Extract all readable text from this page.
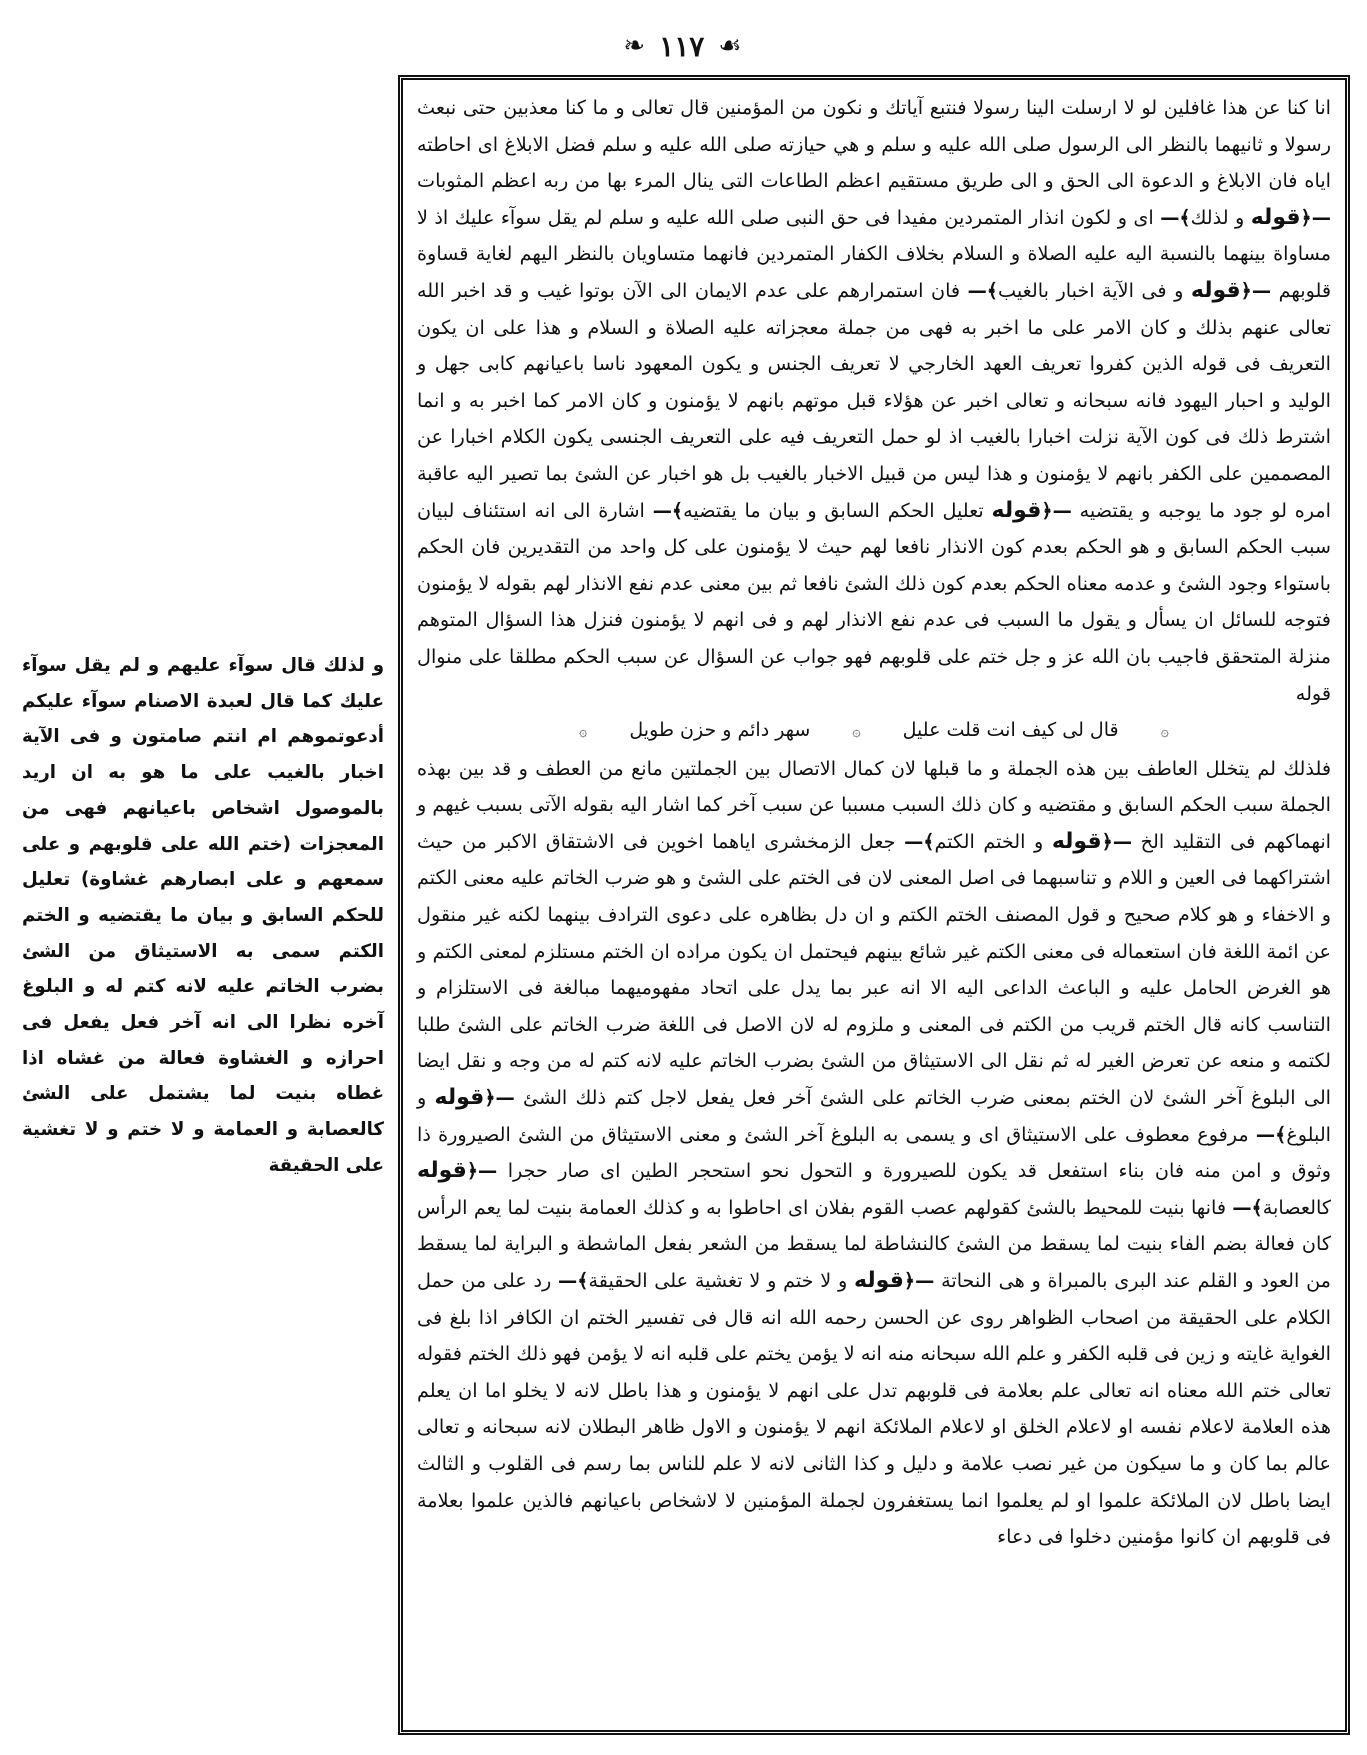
❧ ١١٧ ☙

انا كنا عن هذا غافلين لو لا ارسلت الينا رسولا فنتبع آياتك و نكون من المؤمنين قال تعالى و ما كنا معذبين حتى نبعث رسولا و ثانيهما بالنظر الى الرسول صلى الله عليه و سلم و هي حيازته صلى الله عليه و سلم فضل الابلاغ اى احاطته اياه فان الابلاغ و الدعوة الى الحق و الى طريق مستقيم اعظم الطاعات التى ينال المرء بها من ربه اعظم المثوبات —﴿قوله و لذلك﴾— اى و لكون انذار المتمردين مفيدا فى حق النبى صلى الله عليه و سلم لم يقل سوآء عليك اذ لا مساواة بينهما بالنسبة اليه عليه الصلاة و السلام بخلاف الكفار المتمردين فانهما متساويان بالنظر اليهم لغاية قساوة قلوبهم —﴿قوله و فى الآية اخبار بالغيب﴾— فان استمرارهم على عدم الايمان الى الآن بوتوا غيب و قد اخبر الله تعالى عنهم بذلك و كان الامر على ما اخبر به فهى من جملة معجزاته عليه الصلاة و السلام و هذا على ان يكون التعريف فى قوله الذين كفروا تعريف العهد الخارجي لا تعريف الجنس و يكون المعهود ناسا باعيانهم كابى جهل و الوليد و احبار اليهود فانه سبحانه و تعالى اخبر عن هؤلاء قبل موتهم بانهم لا يؤمنون و كان الامر كما اخبر به و انما اشترط ذلك فى كون الآية نزلت اخبارا بالغيب اذ لو حمل التعريف فيه على التعريف الجنسى يكون الكلام اخبارا عن المصممين على الكفر بانهم لا يؤمنون و هذا ليس من قبيل الاخبار بالغيب بل هو اخبار عن الشئ بما تصير اليه عاقبة امره لو جود ما يوجبه و يقتضيه —﴿قوله تعليل الحكم السابق و بيان ما يقتضيه﴾— اشارة الى انه استئناف لبيان سبب الحكم السابق و هو الحكم بعدم كون الانذار نافعا لهم حيث لا يؤمنون على كل واحد من التقديرين فان الحكم باستواء وجود الشئ و عدمه معناه الحكم بعدم كون ذلك الشئ نافعا ثم بين معنى عدم نفع الانذار لهم بقوله لا يؤمنون فتوجه للسائل ان يسأل و يقول ما السبب فى عدم نفع الانذار لهم و فى انهم لا يؤمنون فنزل هذا السؤال المتوهم منزلة المتحقق فاجيب بان الله عز و جل ختم على قلوبهم فهو جواب عن السؤال عن سبب الحكم مطلقا على منوال قوله

۞ قال لى كيف انت قلت عليل ۞ سهر دائم و حزن طويل ۞

فلذلك لم يتخلل العاطف بين هذه الجملة و ما قبلها لان كمال الاتصال بين الجملتين مانع من العطف و قد بين بهذه الجملة سبب الحكم السابق و مقتضيه و كان ذلك السبب مسببا عن سبب آخر كما اشار اليه بقوله الآتى بسبب غيهم و انهماكهم فى التقليد الخ —﴿قوله و الختم الكتم﴾— جعل الزمخشرى اياهما اخوين فى الاشتقاق الاكبر من حيث اشتراكهما فى العين و اللام و تناسبهما فى اصل المعنى لان فى الختم على الشئ و هو ضرب الخاتم عليه معنى الكتم و الاخفاء و هو كلام صحيح و قول المصنف الختم الكتم و ان دل بظاهره على دعوى الترادف بينهما لكنه غير منقول عن ائمة اللغة فان استعماله فى معنى الكتم غير شائع بينهم فيحتمل ان يكون مراده ان الختم مستلزم لمعنى الكتم و هو الغرض الحامل عليه و الباعث الداعى اليه الا انه عبر بما يدل على اتحاد مفهوميهما مبالغة فى الاستلزام و التناسب كانه قال الختم قريب من الكتم فى المعنى و ملزوم له لان الاصل فى اللغة ضرب الخاتم على الشئ طلبا لكتمه و منعه عن تعرض الغير له ثم نقل الى الاستيثاق من الشئ بضرب الخاتم عليه لانه كتم له من وجه و نقل ايضا الى البلوغ آخر الشئ لان الختم بمعنى ضرب الخاتم على الشئ آخر فعل يفعل لاجل كتم ذلك الشئ —﴿قوله و البلوغ﴾— مرفوع معطوف على الاستيثاق اى و يسمى به البلوغ آخر الشئ و معنى الاستيثاق من الشئ الصيرورة ذا وثوق و امن منه فان بناء استفعل قد يكون للصيرورة و التحول نحو استحجر الطين اى صار حجرا —﴿قوله كالعصابة﴾— فانها بنيت للمحيط بالشئ كقولهم عصب القوم بفلان اى احاطوا به و كذلك العمامة بنيت لما يعم الرأس كان فعالة بضم الفاء بنيت لما يسقط من الشئ كالنشاطة لما يسقط من الشعر بفعل الماشطة و البراية لما يسقط من العود و القلم عند البرى بالمبراة و هى النحاتة —﴿قوله و لا ختم و لا تغشية على الحقيقة﴾— رد على من حمل الكلام على الحقيقة من اصحاب الظواهر روى عن الحسن رحمه الله انه قال فى تفسير الختم ان الكافر اذا بلغ فى الغواية غايته و زين فى قلبه الكفر و علم الله سبحانه منه انه لا يؤمن يختم على قلبه انه لا يؤمن فهو ذلك الختم فقوله تعالى ختم الله معناه انه تعالى علم بعلامة فى قلوبهم تدل على انهم لا يؤمنون و هذا باطل لانه لا يخلو اما ان يعلم هذه العلامة لاعلام نفسه او لاعلام الخلق او لاعلام الملائكة انهم لا يؤمنون و الاول ظاهر البطلان لانه سبحانه و تعالى عالم بما كان و ما سيكون من غير نصب علامة و دليل و كذا الثانى لانه لا علم للناس بما رسم فى القلوب و الثالث ايضا باطل لان الملائكة علموا او لم يعلموا انما يستغفرون لجملة المؤمنين لا لاشخاص باعيانهم فالذين علموا بعلامة فى قلوبهم ان كانوا مؤمنين دخلوا فى دعاء

و لذلك قال سوآء عليهم و لم يقل سوآء عليك كما قال لعبدة الاصنام سوآء عليكم أدعوتموهم ام انتم صامتون و فى الآية اخبار بالغيب على ما هو به ان اريد بالموصول اشخاص باعيانهم فهى من المعجزات (ختم الله على قلوبهم و على سمعهم و على ابصارهم غشاوة) تعليل للحكم السابق و بيان ما يقتضيه و الختم الكتم سمى به الاستيثاق من الشئ بضرب الخاتم عليه لانه كتم له و البلوغ آخره نظرا الى انه آخر فعل يفعل فى احرازه و الغشاوة فعالة من غشاه اذا غطاه بنيت لما يشتمل على الشئ كالعصابة و العمامة و لا ختم و لا تغشية على الحقيقة
